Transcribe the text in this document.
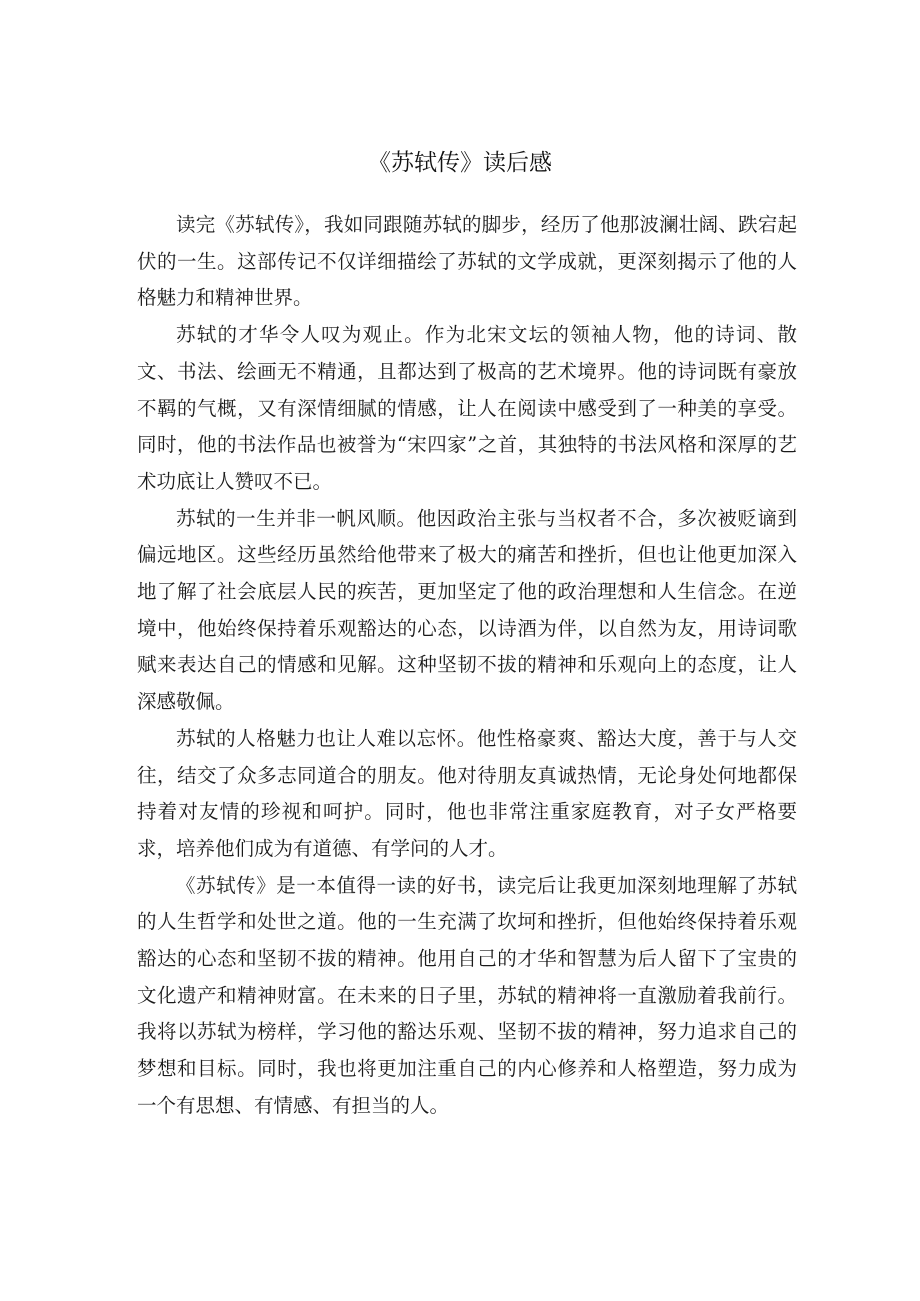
《苏轼传》读后感

读完《苏轼传》，我如同跟随苏轼的脚步，经历了他那波澜壮阔、跌宕起伏的一生。这部传记不仅详细描绘了苏轼的文学成就，更深刻揭示了他的人格魅力和精神世界。

苏轼的才华令人叹为观止。作为北宋文坛的领袖人物，他的诗词、散文、书法、绘画无不精通，且都达到了极高的艺术境界。他的诗词既有豪放不羁的气概，又有深情细腻的情感，让人在阅读中感受到了一种美的享受。同时，他的书法作品也被誉为“宋四家”之首，其独特的书法风格和深厚的艺术功底让人赞叹不已。

苏轼的一生并非一帆风顺。他因政治主张与当权者不合，多次被贬谪到偏远地区。这些经历虽然给他带来了极大的痛苦和挫折，但也让他更加深入地了解了社会底层人民的疾苦，更加坚定了他的政治理想和人生信念。在逆境中，他始终保持着乐观豁达的心态，以诗酒为伴，以自然为友，用诗词歌赋来表达自己的情感和见解。这种坚韧不拔的精神和乐观向上的态度，让人深感敬佩。

苏轼的人格魅力也让人难以忘怀。他性格豪爽、豁达大度，善于与人交往，结交了众多志同道合的朋友。他对待朋友真诚热情，无论身处何地都保持着对友情的珍视和呵护。同时，他也非常注重家庭教育，对子女严格要求，培养他们成为有道德、有学问的人才。

《苏轼传》是一本值得一读的好书，读完后让我更加深刻地理解了苏轼的人生哲学和处世之道。他的一生充满了坎坷和挫折，但他始终保持着乐观豁达的心态和坚韧不拔的精神。他用自己的才华和智慧为后人留下了宝贵的文化遗产和精神财富。在未来的日子里，苏轼的精神将一直激励着我前行。我将以苏轼为榜样，学习他的豁达乐观、坚韧不拔的精神，努力追求自己的梦想和目标。同时，我也将更加注重自己的内心修养和人格塑造，努力成为一个有思想、有情感、有担当的人。
